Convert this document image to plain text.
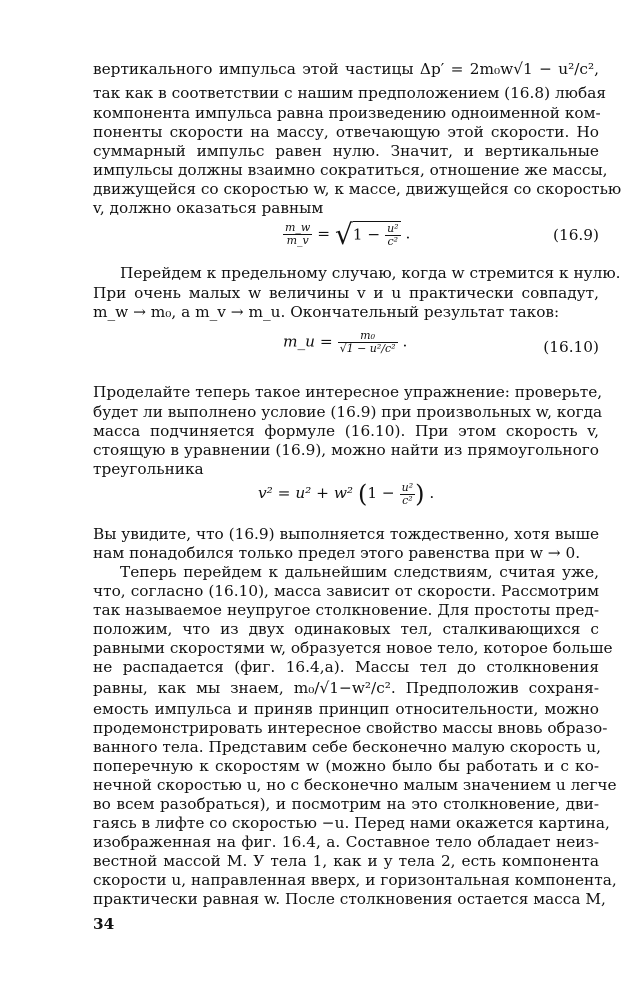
вертикального импульса этой частицы Δp′ = 2m₀w√1 − u²/c²,
так как в соответствии с нашим предположением (16.8) любая
компонента импульса равна произведению одноименной ком-
поненты скорости на массу, отвечающую этой скорости. Но
суммарный импульс равен нулю. Значит, и вертикальные
импульсы должны взаимно сократиться, отношение же массы,
движущейся со скоростью w, к массе, движущейся со скоростью
v, должно оказаться равным
$\frac{m\_w}{m\_v} = √1 - \frac{\text{u²}}{\text{c²}}$ .	(16.9)
Перейдем к предельному случаю, когда w стремится к нулю.
При очень малых w величины v и u практически совпадут,
m_w → m₀, а m_v → m_u. Окончательный результат таков:
m_u = $\frac{\text{m₀}}{\text{√1 − u²/c²}}$ .	(16.10)
Проделайте теперь такое интересное упражнение: проверьте,
будет ли выполнено условие (16.9) при произвольных w, когда
масса подчиняется формуле (16.10). При этом скорость v,
стоящую в уравнении (16.9), можно найти из прямоугольного
треугольника
v² = u² + w² ($1 - \frac{\text{u²}}{\text{c²}}$ ) .
Вы увидите, что (16.9) выполняется тождественно, хотя выше
нам понадобился только предел этого равенства при w → 0.
Теперь перейдем к дальнейшим следствиям, считая уже,
что, согласно (16.10), масса зависит от скорости. Рассмотрим
так называемое неупругое столкновение. Для простоты пред-
положим, что из двух одинаковых тел, сталкивающихся с
равными скоростями w, образуется новое тело, которое больше
не распадается (фиг. 16.4,а). Массы тел до столкновения
равны, как мы знаем, m₀/√1−w²/c². Предположив сохраня-
емость импульса и приняв принцип относительности, можно
продемонстрировать интересное свойство массы вновь образо-
ванного тела. Представим себе бесконечно малую скорость u,
поперечную к скоростям w (можно было бы работать и с ко-
нечной скоростью u, но с бесконечно малым значением u легче
во всем разобраться), и посмотрим на это столкновение, дви-
гаясь в лифте со скоростью −u. Перед нами окажется картина,
изображенная на фиг. 16.4, а. Составное тело обладает неиз-
вестной массой M. У тела 1, как и у тела 2, есть компонента
скорости u, направленная вверх, и горизонтальная компонента,
практически равная w. После столкновения остается масса M,
34
